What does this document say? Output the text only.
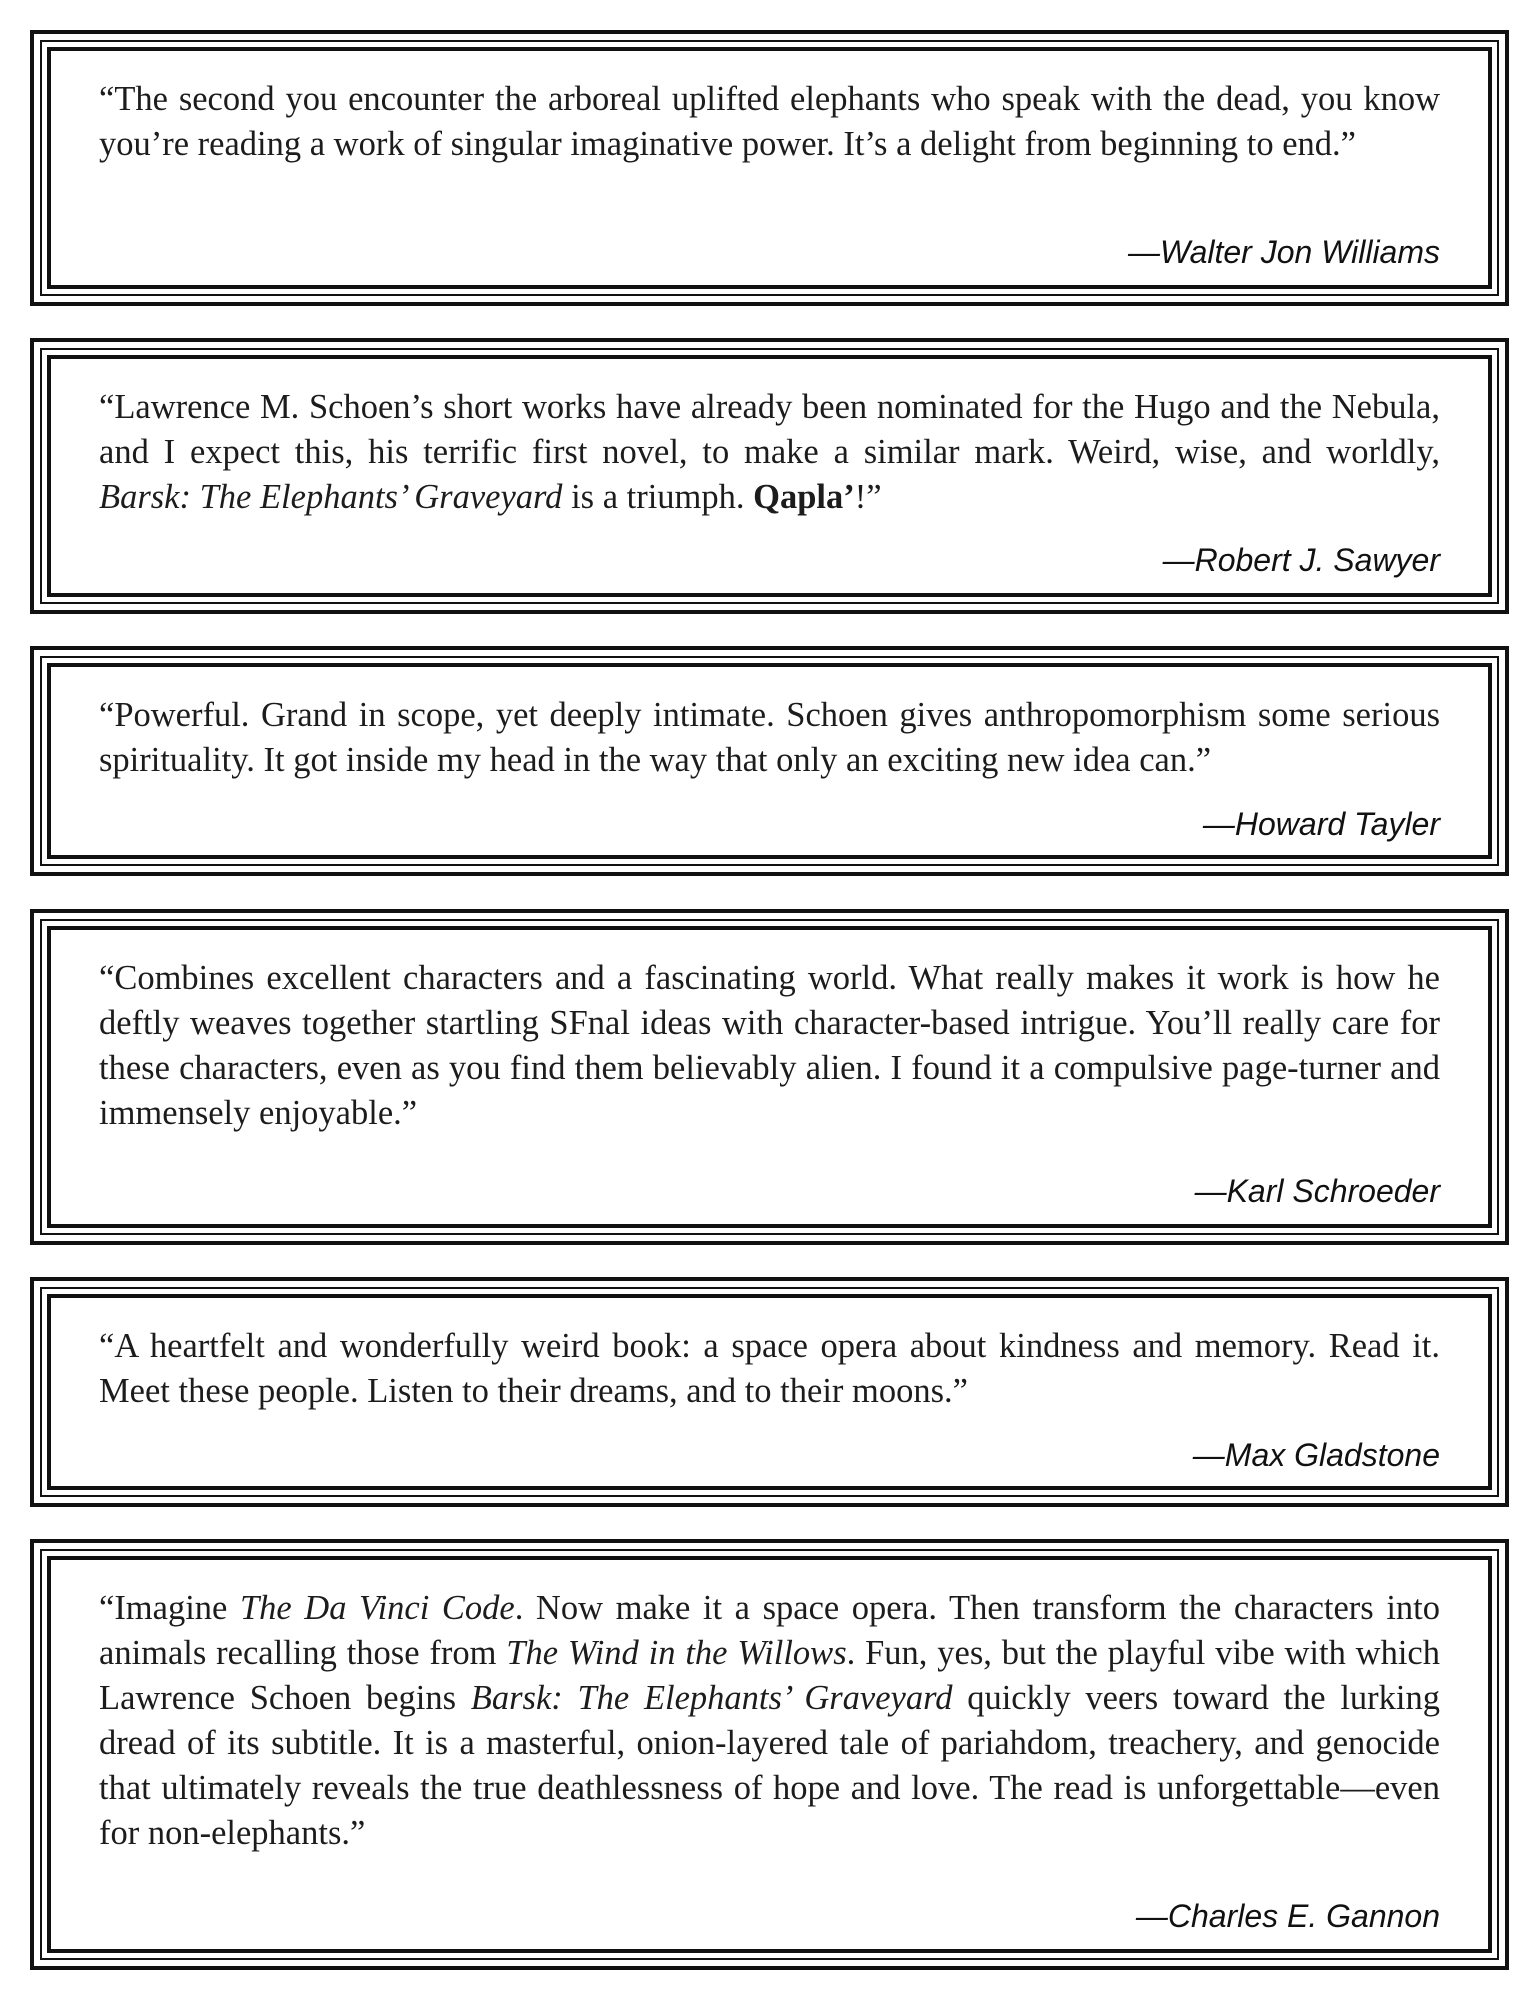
“The second you encounter the arboreal uplifted elephants who speak with the dead, you know you’re reading a work of singular imaginative power. It’s a delight from beginning to end.”

—Walter Jon Williams

“Lawrence M. Schoen’s short works have already been nominated for the Hugo and the Nebula, and I expect this, his terrific first novel, to make a similar mark. Weird, wise, and worldly, Barsk: The Elephants’ Graveyard is a triumph. Qapla’!”

—Robert J. Sawyer

“Powerful. Grand in scope, yet deeply intimate. Schoen gives anthropomorphism some serious spirituality. It got inside my head in the way that only an exciting new idea can.”

—Howard Tayler

“Combines excellent characters and a fascinating world. What really makes it work is how he deftly weaves together startling SFnal ideas with character-based intrigue. You’ll really care for these characters, even as you find them believably alien. I found it a compulsive page-turner and immensely enjoyable.”

—Karl Schroeder

“A heartfelt and wonderfully weird book: a space opera about kindness and memory. Read it. Meet these people. Listen to their dreams, and to their moons.”

—Max Gladstone

“Imagine The Da Vinci Code. Now make it a space opera. Then transform the characters into animals recalling those from The Wind in the Willows. Fun, yes, but the playful vibe with which Lawrence Schoen begins Barsk: The Elephants’ Graveyard quickly veers toward the lurking dread of its subtitle. It is a masterful, onion-layered tale of pariahdom, treachery, and genocide that ultimately reveals the true deathlessness of hope and love. The read is unforgettable—even for non-elephants.”

—Charles E. Gannon
